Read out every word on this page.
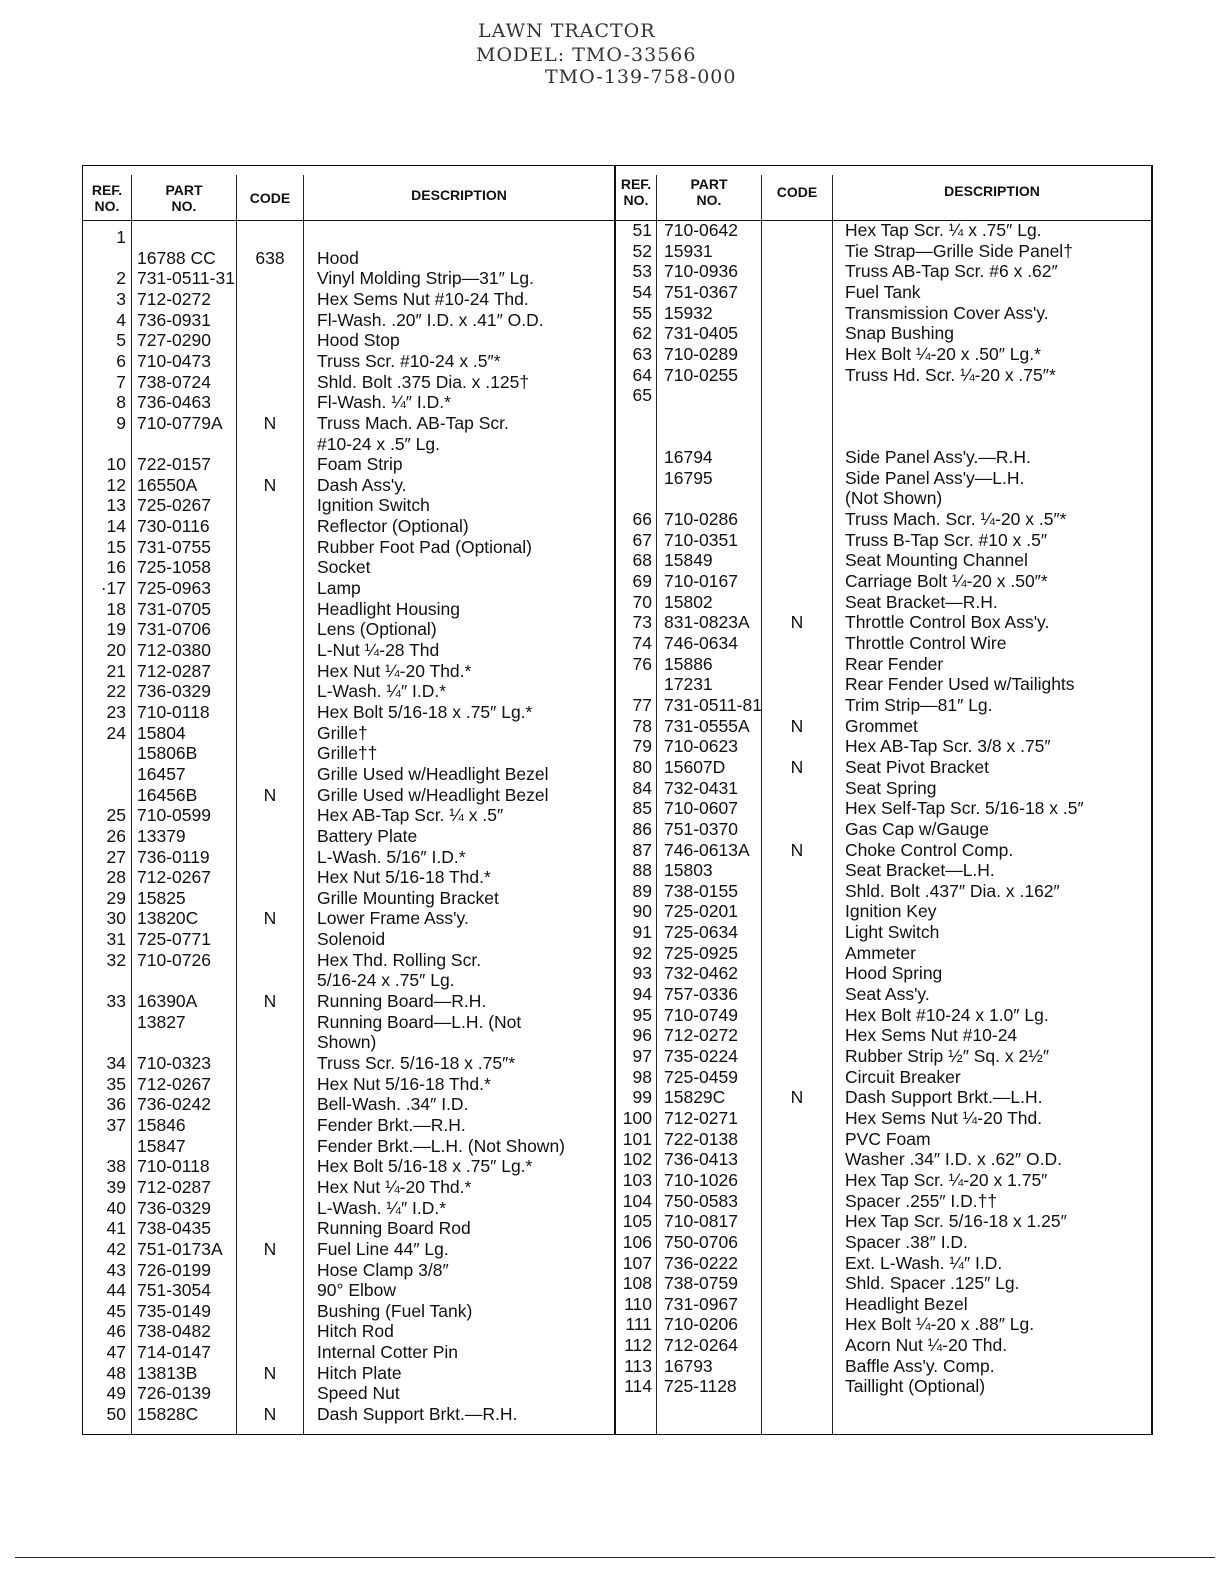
LAWN TRACTOR
MODEL: TMO-33566
TMO-139-758-000
REF.
NO.
PART
NO.	CODE	DESCRIPTION
REF.
NO.
PART
NO.	CODE	DESCRIPTION
1
16788 CC	638	Hood
2 731-0511-31	Vinyl Molding Strip—31″ Lg.
3 712-0272	Hex Sems Nut #10-24 Thd.
4 736-0931	Fl-Wash. .20″ I.D. x .41″ O.D.
5 727-0290	Hood Stop
6 710-0473	Truss Scr. #10-24 x .5″*
7 738-0724	Shld. Bolt .375 Dia. x .125†
8 736-0463	Fl-Wash. ¼″ I.D.*
9 710-0779A	N	Truss Mach. AB-Tap Scr.
#10-24 x .5″ Lg.
10 722-0157	Foam Strip
12 16550A	N	Dash Ass'y.
13 725-0267	Ignition Switch
14 730-0116	Reflector (Optional)
15 731-0755	Rubber Foot Pad (Optional)
16 725-1058	Socket
·17 725-0963	Lamp
18 731-0705	Headlight Housing
19 731-0706	Lens (Optional)
20 712-0380	L-Nut ¼-28 Thd
21 712-0287	Hex Nut ¼-20 Thd.*
22 736-0329	L-Wash. ¼″ I.D.*
23 710-0118	Hex Bolt 5/16-18 x .75″ Lg.*
24 15804	Grille†
15806B	Grille††
16457	Grille Used w/Headlight Bezel
16456B	N	Grille Used w/Headlight Bezel
25 710-0599	Hex AB-Tap Scr. ¼ x .5″
26 13379	Battery Plate
27 736-0119	L-Wash. 5/16″ I.D.*
28 712-0267	Hex Nut 5/16-18 Thd.*
29 15825	Grille Mounting Bracket
30 13820C	N	Lower Frame Ass'y.
31 725-0771	Solenoid
32 710-0726	Hex Thd. Rolling Scr.
5/16-24 x .75″ Lg.
33 16390A	N	Running Board—R.H.
13827	Running Board—L.H. (Not
Shown)
34 710-0323	Truss Scr. 5/16-18 x .75″*
35 712-0267	Hex Nut 5/16-18 Thd.*
36 736-0242	Bell-Wash. .34″ I.D.
37 15846	Fender Brkt.—R.H.
15847	Fender Brkt.—L.H. (Not Shown)
38 710-0118	Hex Bolt 5/16-18 x .75″ Lg.*
39 712-0287	Hex Nut ¼-20 Thd.*
40 736-0329	L-Wash. ¼″ I.D.*
41 738-0435	Running Board Rod
42 751-0173A	N	Fuel Line 44″ Lg.
43 726-0199	Hose Clamp 3/8″
44 751-3054	90° Elbow
45 735-0149	Bushing (Fuel Tank)
46 738-0482	Hitch Rod
47 714-0147	Internal Cotter Pin
48 13813B	N	Hitch Plate
49 726-0139	Speed Nut
50 15828C	N	Dash Support Brkt.—R.H.
51 710-0642	Hex Tap Scr. ¼ x .75″ Lg.
52 15931	Tie Strap—Grille Side Panel†
53 710-0936	Truss AB-Tap Scr. #6 x .62″
54 751-0367	Fuel Tank
55 15932	Transmission Cover Ass'y.
62 731-0405	Snap Bushing
63 710-0289	Hex Bolt ¼-20 x .50″ Lg.*
64 710-0255	Truss Hd. Scr. ¼-20 x .75″*
65
16794	Side Panel Ass'y.—R.H.
16795	Side Panel Ass'y—L.H.
(Not Shown)
66 710-0286	Truss Mach. Scr. ¼-20 x .5″*
67 710-0351	Truss B-Tap Scr. #10 x .5″
68 15849	Seat Mounting Channel
69 710-0167	Carriage Bolt ¼-20 x .50″*
70 15802	Seat Bracket—R.H.
73 831-0823A	N	Throttle Control Box Ass'y.
74 746-0634	Throttle Control Wire
76 15886	Rear Fender
17231	Rear Fender Used w/Tailights
77 731-0511-81	Trim Strip—81″ Lg.
78 731-0555A	N	Grommet
79 710-0623	Hex AB-Tap Scr. 3/8 x .75″
80 15607D	N	Seat Pivot Bracket
84 732-0431	Seat Spring
85 710-0607	Hex Self-Tap Scr. 5/16-18 x .5″
86 751-0370	Gas Cap w/Gauge
87 746-0613A	N	Choke Control Comp.
88 15803	Seat Bracket—L.H.
89 738-0155	Shld. Bolt .437″ Dia. x .162″
90 725-0201	Ignition Key
91 725-0634	Light Switch
92 725-0925	Ammeter
93 732-0462	Hood Spring
94 757-0336	Seat Ass'y.
95 710-0749	Hex Bolt #10-24 x 1.0″ Lg.
96 712-0272	Hex Sems Nut #10-24
97 735-0224	Rubber Strip ½″ Sq. x 2½″
98 725-0459	Circuit Breaker
99 15829C	N	Dash Support Brkt.—L.H.
100 712-0271	Hex Sems Nut ¼-20 Thd.
101 722-0138	PVC Foam
102 736-0413	Washer .34″ I.D. x .62″ O.D.
103 710-1026	Hex Tap Scr. ¼-20 x 1.75″
104 750-0583	Spacer .255″ I.D.††
105 710-0817	Hex Tap Scr. 5/16-18 x 1.25″
106 750-0706	Spacer .38″ I.D.
107 736-0222	Ext. L-Wash. ¼″ I.D.
108 738-0759	Shld. Spacer .125″ Lg.
110 731-0967	Headlight Bezel
111 710-0206	Hex Bolt ¼-20 x .88″ Lg.
112 712-0264	Acorn Nut ¼-20 Thd.
113 16793	Baffle Ass'y. Comp.
114 725-1128	Taillight (Optional)
